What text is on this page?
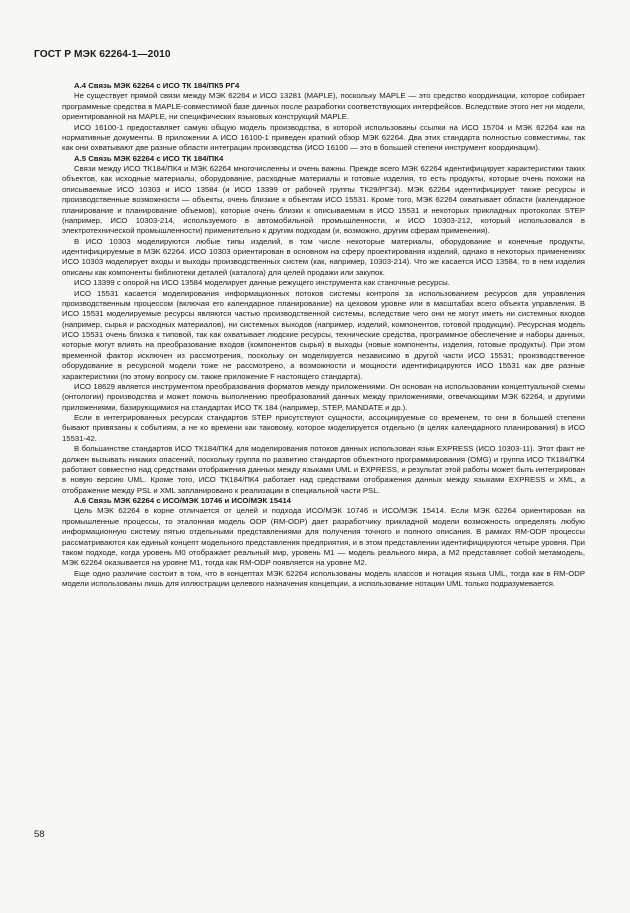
ГОСТ Р МЭК 62264-1—2010
А.4 Связь МЭК 62264 с ИСО ТК 184/ПК5 РГ4

Не существует прямой связи между МЭК 62264 и ИСО 13281 (MAPLE), поскольку MAPLE — это средство координации, которое собирает программные средства в MAPLE-совместимой базе данных после разработки соответствующих интерфейсов. Вследствие этого нет ни модели, ориентированной на MAPLE, ни специфических языковых конструкций MAPLE.

ИСО 16100-1 предоставляет самую общую модель производства, в которой использованы ссылки на ИСО 15704 и МЭК 62264 как на нормативные документы. В приложении А ИСО 16100-1 приведен краткий обзор МЭК 62264. Два этих стандарта полностью совместимы, так как они охватывают две разные области интеграции производства (ИСО 16100 — это в большей степени инструмент координации).

А.5 Связь МЭК 62264 с ИСО ТК 184/ПК4

Связи между ИСО ТК184/ПК4 и МЭК 62264 многочисленны и очень важны. Прежде всего МЭК 62264 идентифицирует характеристики таких объектов, как исходные материалы, оборудование, расходные материалы и готовые изделия, то есть продукты, которые очень похожи на описываемые ИСО 10303 и ИСО 13584 (и ИСО 13399 от рабочей группы ТК29/РГ34). МЭК 62264 идентифицирует также ресурсы и производственные возможности — объекты, очень близкие к объектам ИСО 15531. Кроме того, МЭК 62264 охватывает области (календарное планирование и планирование объемов), которые очень близки к описываемым в ИСО 15531 и некоторых прикладных протоколах STEP (например, ИСО 10303-214, используемого в автомобильной промышленности, и ИСО 10303-212, который использовался в электротехнической промышленности) применительно к другим подходам (и, возможно, другим сферам применения).

В ИСО 10303 моделируются любые типы изделий, в том числе некоторые материалы, оборудование и конечные продукты, идентифицируемые в МЭК 62264. ИСО 10303 ориентирован в основном на сферу проектирования изделий, однако в некоторых применениях ИСО 10303 моделирует входы и выходы производственных систем (как, например, 10303-214). Что же касается ИСО 13584, то в нем изделия описаны как компоненты библиотеки деталей (каталога) для целей продажи или закупок.

ИСО 13399 с опорой на ИСО 13584 моделирует данные режущего инструмента как станочные ресурсы.

ИСО 15531 касается моделирования информационных потоков системы контроля за использованием ресурсов для управления производственным процессом (включая его календарное планирование) на цеховом уровне или в масштабах всего объекта управления. В ИСО 15531 моделируемые ресурсы являются частью производственной системы, вследствие чего они не могут иметь ни системных входов (например, сырья и расходных материалов), ни системных выходов (например, изделий, компонентов, готовой продукции). Ресурсная модель ИСО 15531 очень близка к типовой, так как охватывает людские ресурсы, технические средства, программное обеспечение и наборы данных, которые могут влиять на преобразование входов (компонентов сырья) в выходы (новые компоненты, изделия, готовые продукты). При этом временной фактор исключен из рассмотрения, поскольку он моделируется независимо в другой части ИСО 15531; производственное оборудование в ресурсной модели тоже не рассмотрено, а возможности и мощности идентифицируются ИСО 15531 как две разные характеристики (по этому вопросу см. также приложение F настоящего стандарта).

ИСО 18629 является инструментом преобразования форматов между приложениями. Он основан на использовании концептуальной схемы (онтологии) производства и может помочь выполнению преобразований данных между приложениями, отвечающими МЭК 62264, и другими приложениями, базирующимися на стандартах ИСО ТК 184 (например, STEP, MANDATE и др.).

Если в интегрированных ресурсах стандартов STEP присутствуют сущности, ассоциируемые со временем, то они в большей степени бывают привязаны к событиям, а не ко времени как таковому, которое моделируется отдельно (в целях календарного планирования) в ИСО 15531-42.

В большинстве стандартов ИСО ТК184/ПК4 для моделирования потоков данных использован язык EXPRESS (ИСО 10303-11). Этот факт не должен вызывать никаких опасений, поскольку группа по развитию стандартов объектного программирования (OMG) и группа ИСО ТК184/ПК4 работают совместно над средствами отображения данных между языками UML и EXPRESS, и результат этой работы может быть интегрирован в новую версию UML. Кроме того, ИСО ТК184/ПК4 работает над средствами отображения данных между языками EXPRESS и XML, а отображение между PSL и XML запланировано к реализации в специальной части PSL.

А.6 Связь МЭК 62264 с ИСО/МЭК 10746 и ИСО/МЭК 15414

Цель МЭК 62264 в корне отличается от целей и подхода ИСО/МЭК 10746 и ИСО/МЭК 15414. Если МЭК 62264 ориентирован на промышленные процессы, то эталонная модель ODP (RM-ODP) дает разработчику прикладной модели возможность определять любую информационную систему пятью отдельными представлениями для получения точного и полного описания. В рамках RM-ODP процессы рассматриваются как единый концепт модельного представления предприятия, и в этом представлении идентифицируются четыре уровня. При таком подходе, когда уровень М0 отображает реальный мир, уровень М1 — модель реального мира, а М2 представляет собой метамодель, МЭК 62264 оказывается на уровне М1, тогда как RM-ODP появляется на уровне М2.

Еще одно различие состоит в том, что в концептах МЭК 62264 использованы модель классов и нотация языка UML, тогда как в RM-ODP модели использованы лишь для иллюстрации целевого назначения концепции, а использование нотации UML только подразумевается.

58
